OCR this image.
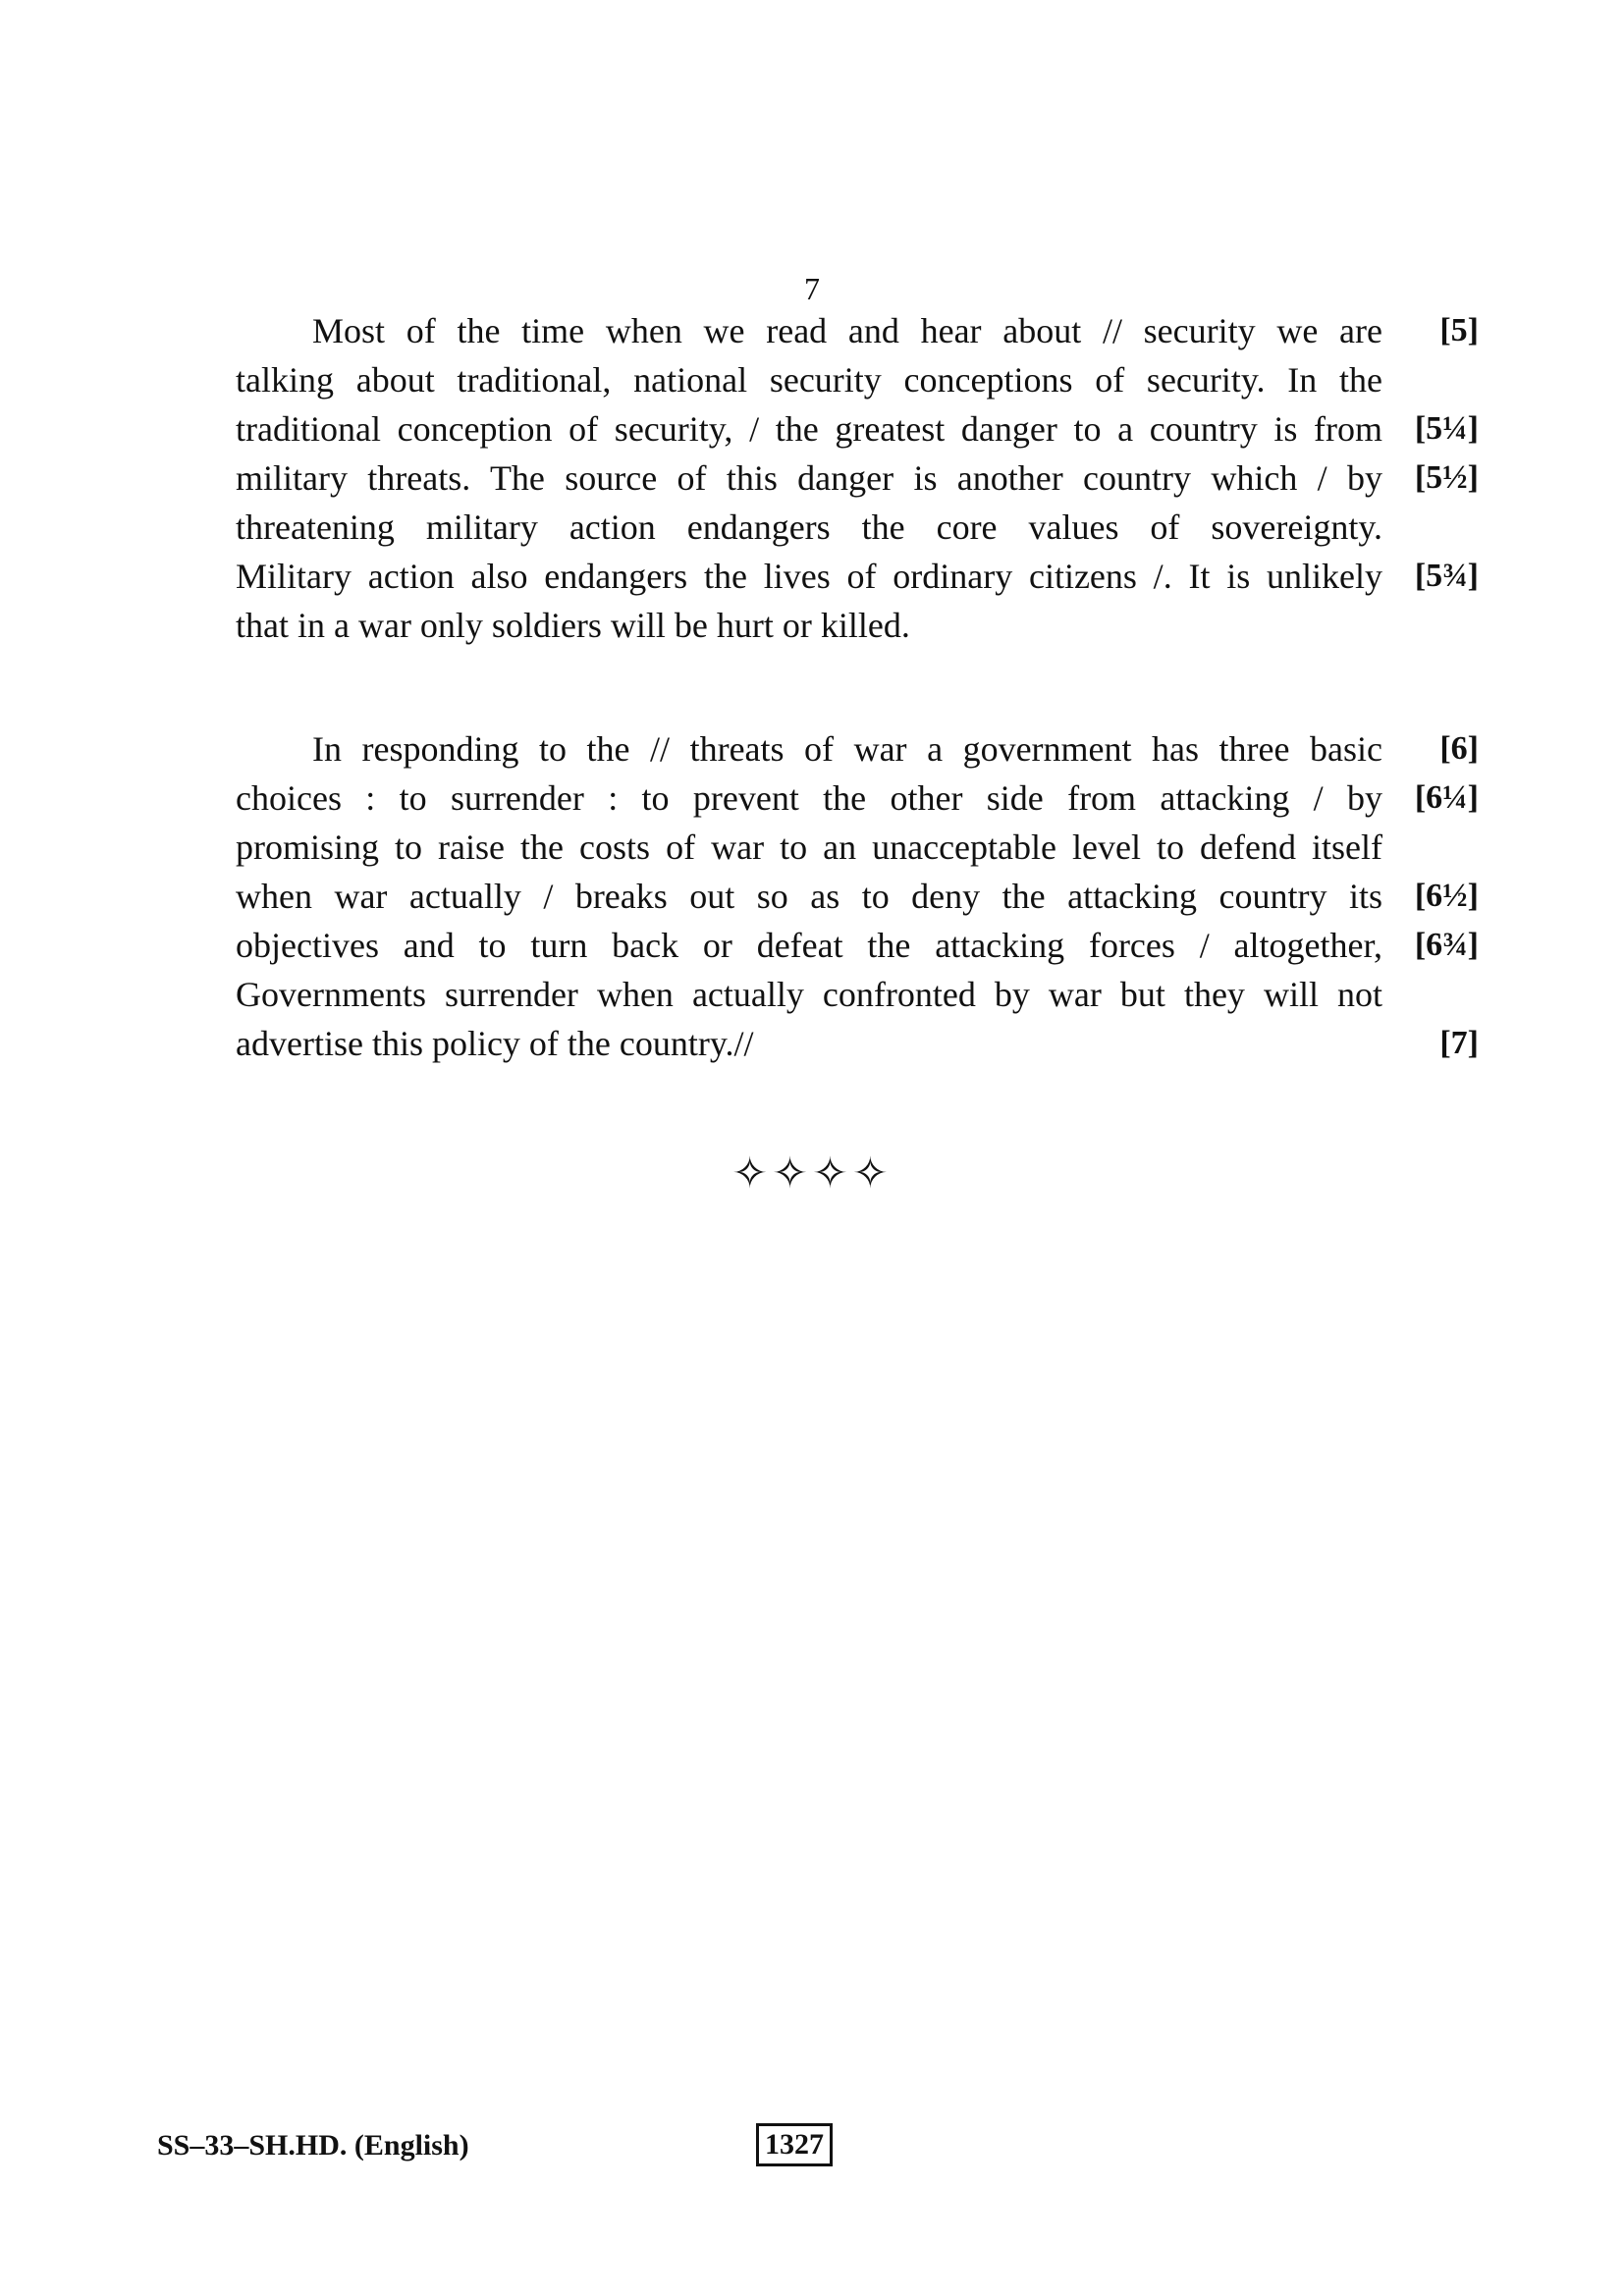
7
Most of the time when we read and hear about // security we are [5]
talking about traditional, national security conceptions of security. In the
traditional conception of security, / the greatest danger to a country is from [5¼]
military threats. The source of this danger is another country which / by [5½]
threatening military action endangers the core values of sovereignty.
Military action also endangers the lives of ordinary citizens /. It is unlikely [5¾]
that in a war only soldiers will be hurt or killed.
In responding to the // threats of war a government has three basic [6]
choices : to surrender : to prevent the other side from attacking / by [6¼]
promising to raise the costs of war to an unacceptable level to defend itself
when war actually / breaks out so as to deny the attacking country its [6½]
objectives and to turn back or defeat the attacking forces / altogether, [6¾]
Governments surrender when actually confronted by war but they will not
advertise this policy of the country.//	[7]
✧✧✧✧
SS–33–SH.HD. (English)	1327
